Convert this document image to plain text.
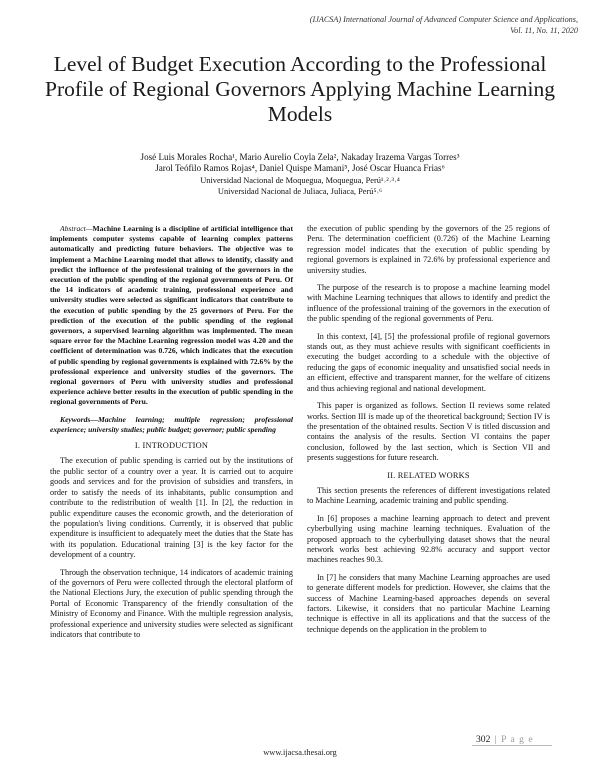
(IJACSA) International Journal of Advanced Computer Science and Applications,
Vol. 11, No. 11, 2020
Level of Budget Execution According to the Professional Profile of Regional Governors Applying Machine Learning Models
José Luis Morales Rocha¹, Mario Aurelio Coyla Zela², Nakaday Irazema Vargas Torres³
Jarol Teófilo Ramos Rojas⁴, Daniel Quispe Mamani⁵, José Oscar Huanca Frias⁶
Universidad Nacional de Moquegua, Moquegua, Perú¹˒²˒³˒⁴
Universidad Nacional de Juliaca, Juliaca, Perú⁵˒⁶

Abstract—Machine Learning is a discipline of artificial intelligence that implements computer systems capable of learning complex patterns automatically and predicting future behaviors. The objective was to implement a Machine Learning model that allows to identify, classify and predict the influence of the professional training of the governors in the execution of the public spending of the regional governments of Peru. Of the 14 indicators of academic training, professional experience and university studies were selected as significant indicators that contribute to the execution of public spending by the 25 governors of Peru. For the prediction of the execution of the public spending of the regional governors, a supervised learning algorithm was implemented. The mean square error for the Machine Learning regression model was 4.20 and the coefficient of determination was 0.726, which indicates that the execution of public spending by regional governments is explained with 72.6% by the professional experience and university studies of the governors. The regional governors of Peru with university studies and professional experience achieve better results in the execution of public spending in the regional governments of Peru.

Keywords—Machine learning; multiple regression; professional experience; university studies; public budget; governor; public spending

I. INTRODUCTION

The execution of public spending is carried out by the institutions of the public sector of a country over a year. It is carried out to acquire goods and services and for the provision of subsidies and transfers, in order to satisfy the needs of its inhabitants, public consumption and contribute to the redistribution of wealth [1]. In [2], the reduction in public expenditure causes the economic growth, and the deterioration of the population's living conditions. Currently, it is observed that public expenditure is insufficient to adequately meet the duties that the State has with its population. Educational training [3] is the key factor for the development of a country.

Through the observation technique, 14 indicators of academic training of the governors of Peru were collected through the electoral platform of the National Elections Jury, the execution of public spending through the Portal of Economic Transparency of the friendly consultation of the Ministry of Economy and Finance. With the multiple regression analysis, professional experience and university studies were selected as significant indicators that contribute to

the execution of public spending by the governors of the 25 regions of Peru. The determination coefficient (0.726) of the Machine Learning regression model indicates that the execution of public spending by regional governors is explained in 72.6% by professional experience and university studies.

The purpose of the research is to propose a machine learning model with Machine Learning techniques that allows to identify and predict the influence of the professional training of the governors in the execution of the public spending of the regional governments of Peru.

In this context, [4], [5] the professional profile of regional governors stands out, as they must achieve results with significant coefficients in executing the budget according to a schedule with the objective of reducing the gaps of economic inequality and unsatisfied social needs in an efficient, effective and transparent manner, for the welfare of citizens and thus achieving regional and national development.

This paper is organized as follows. Section II reviews some related works. Section III is made up of the theoretical background; Section IV is the presentation of the obtained results. Section V is titled discussion and contains the analysis of the results. Section VI contains the paper conclusion, followed by the last section, which is Section VII and presents suggestions for future research.

II. RELATED WORKS

This section presents the references of different investigations related to Machine Learning, academic training and public spending.

In [6] proposes a machine learning approach to detect and prevent cyberbullying using machine learning techniques. Evaluation of the proposed approach to the cyberbullying dataset shows that the neural network works best achieving 92.8% accuracy and support vector machines reaches 90.3.

In [7] he considers that many Machine Learning approaches are used to generate different models for prediction. However, she claims that the success of Machine Learning-based approaches depends on several factors. Likewise, it considers that no particular Machine Learning technique is effective in all its applications and that the success of the technique depends on the application in the problem to

302 | P a g e
www.ijacsa.thesai.org
